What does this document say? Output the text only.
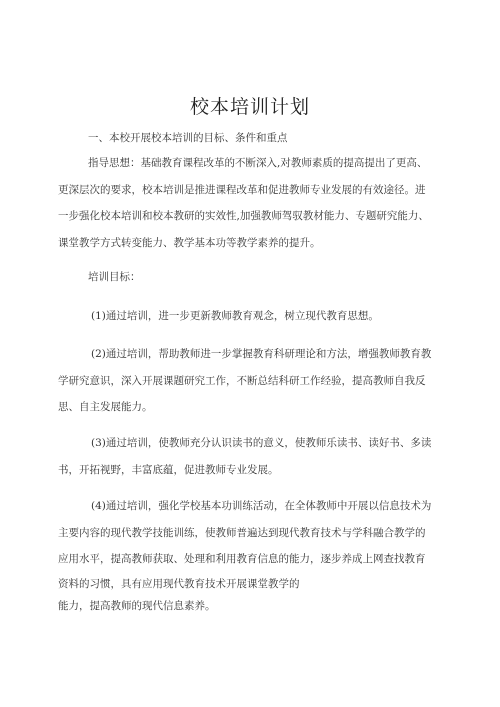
校本培训计划
一、本校开展校本培训的目标、条件和重点
指导思想：基础教育课程改革的不断深入,对教师素质的提高提出了更高、
更深层次的要求，校本培训是推进课程改革和促进教师专业发展的有效途径。进
一步强化校本培训和校本教研的实效性,加强教师驾驭教材能力、专题研究能力、
课堂教学方式转变能力、教学基本功等教学素养的提升。
培训目标：
(1)通过培训，进一步更新教师教育观念，树立现代教育思想。
(2)通过培训，帮助教师进一步掌握教育科研理论和方法，增强教师教育教
学研究意识，深入开展课题研究工作，不断总结科研工作经验，提高教师自我反
思、自主发展能力。
(3)通过培训，使教师充分认识读书的意义，使教师乐读书、读好书、多读
书，开拓视野，丰富底蕴，促进教师专业发展。
(4)通过培训，强化学校基本功训练活动，在全体教师中开展以信息技术为
主要内容的现代教学技能训练，使教师普遍达到现代教育技术与学科融合教学的
应用水平，提高教师获取、处理和利用教育信息的能力，逐步养成上网查找教育
资料的习惯，具有应用现代教育技术开展课堂教学的
能力，提高教师的现代信息素养。
